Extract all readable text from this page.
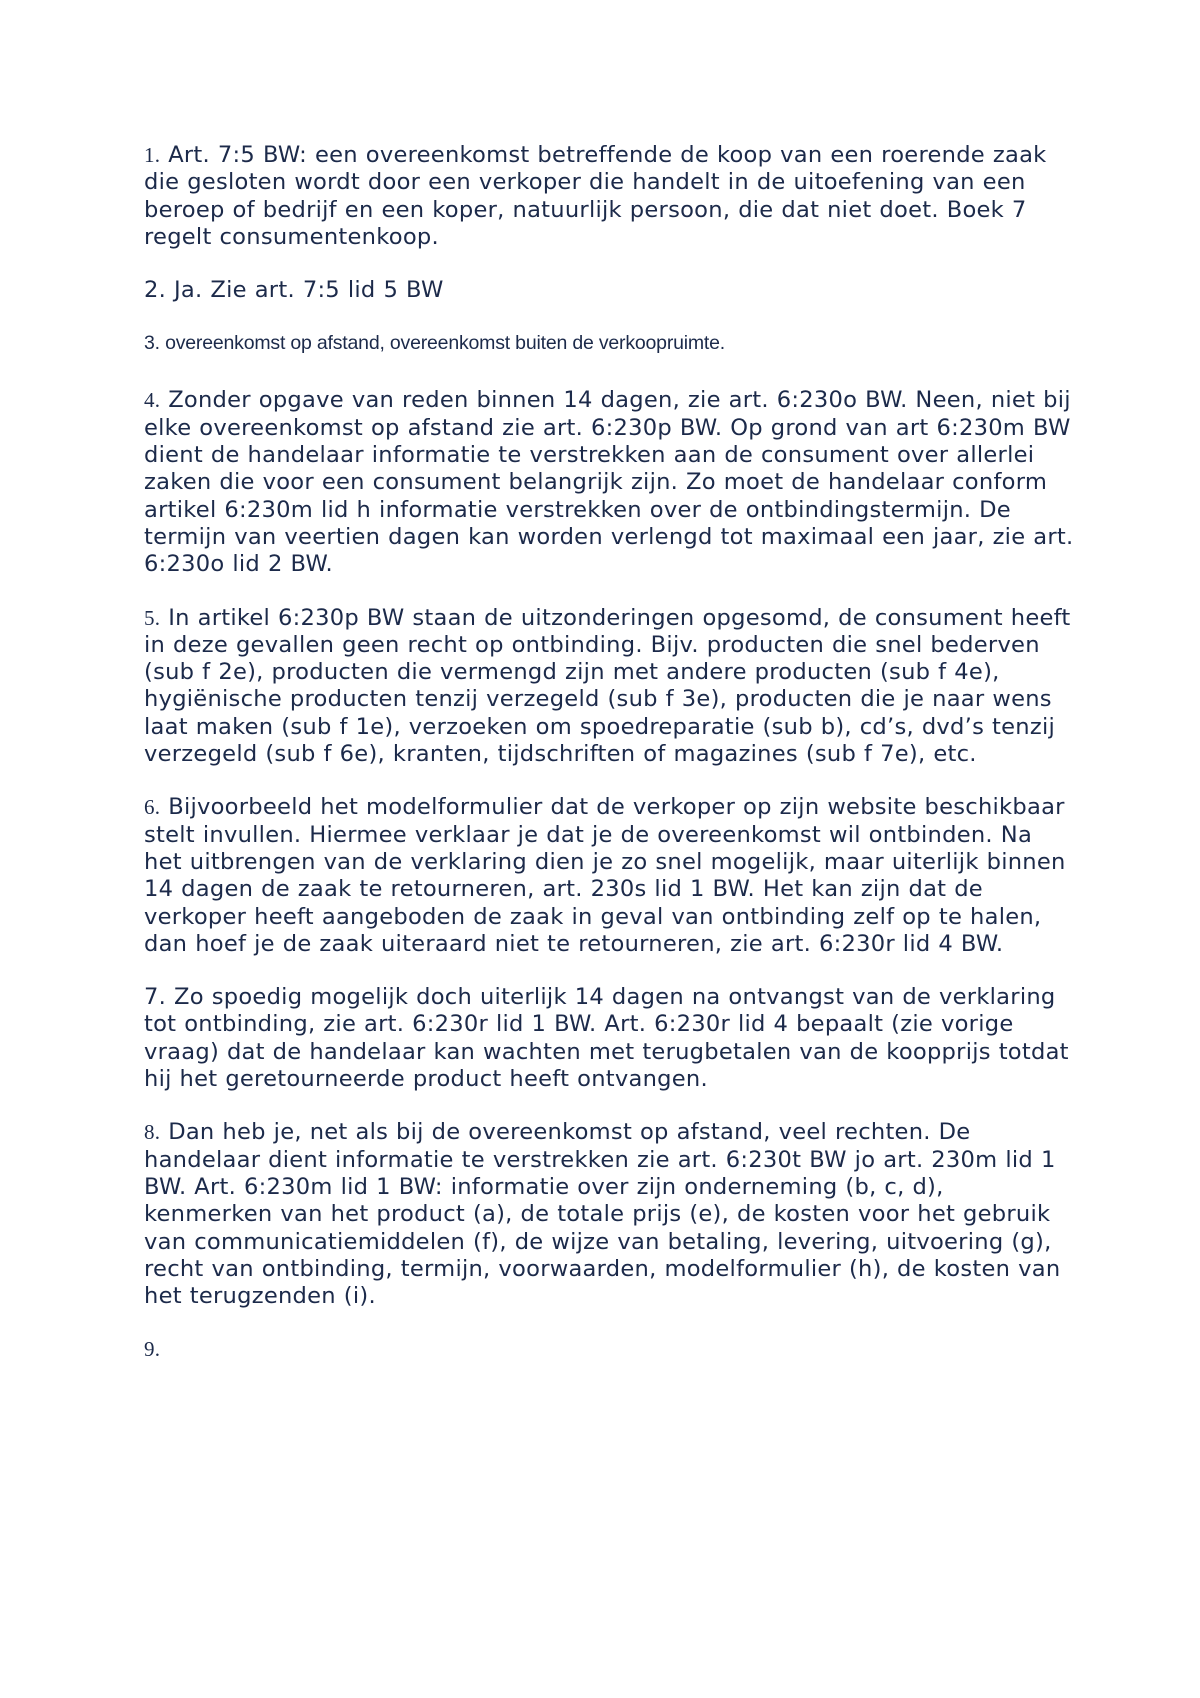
1. Art. 7:5 BW: een overeenkomst betreffende de koop van een roerende zaak die gesloten wordt door een verkoper die handelt in de uitoefening van een beroep of bedrijf en een koper, natuurlijk persoon, die dat niet doet. Boek 7 regelt consumentenkoop.

2. Ja. Zie art. 7:5 lid 5 BW

3. overeenkomst op afstand, overeenkomst buiten de verkoopruimte.

4. Zonder opgave van reden binnen 14 dagen, zie art. 6:230o BW. Neen, niet bij elke overeenkomst op afstand zie art. 6:230p BW. Op grond van art 6:230m BW dient de handelaar informatie te verstrekken aan de consument over allerlei zaken die voor een consument belangrijk zijn. Zo moet de handelaar conform artikel 6:230m lid h informatie verstrekken over de ontbindingstermijn. De termijn van veertien dagen kan worden verlengd tot maximaal een jaar, zie art. 6:230o lid 2 BW.

5. In artikel 6:230p BW staan de uitzonderingen opgesomd, de consument heeft in deze gevallen geen recht op ontbinding. Bijv. producten die snel bederven (sub f 2e), producten die vermengd zijn met andere producten (sub f 4e), hygiënische producten tenzij verzegeld (sub f 3e), producten die je naar wens laat maken (sub f 1e), verzoeken om spoedreparatie (sub b), cd’s, dvd’s tenzij verzegeld (sub f 6e), kranten, tijdschriften of magazines (sub f 7e), etc.

6. Bijvoorbeeld het modelformulier dat de verkoper op zijn website beschikbaar stelt invullen. Hiermee verklaar je dat je de overeenkomst wil ontbinden. Na het uitbrengen van de verklaring dien je zo snel mogelijk, maar uiterlijk binnen 14 dagen de zaak te retourneren, art. 230s lid 1 BW. Het kan zijn dat de verkoper heeft aangeboden de zaak in geval van ontbinding zelf op te halen, dan hoef je de zaak uiteraard niet te retourneren, zie art. 6:230r lid 4 BW.

7. Zo spoedig mogelijk doch uiterlijk 14 dagen na ontvangst van de verklaring tot ontbinding, zie art. 6:230r lid 1 BW. Art. 6:230r lid 4 bepaalt (zie vorige vraag) dat de handelaar kan wachten met terugbetalen van de koopprijs totdat hij het geretourneerde product heeft ontvangen.

8. Dan heb je, net als bij de overeenkomst op afstand, veel rechten. De handelaar dient informatie te verstrekken zie art. 6:230t BW jo art. 230m lid 1 BW. Art. 6:230m lid 1 BW: informatie over zijn onderneming (b, c, d), kenmerken van het product (a), de totale prijs (e), de kosten voor het gebruik van communicatiemiddelen (f), de wijze van betaling, levering, uitvoering (g), recht van ontbinding, termijn, voorwaarden, modelformulier (h), de kosten van het terugzenden (i).

9.
